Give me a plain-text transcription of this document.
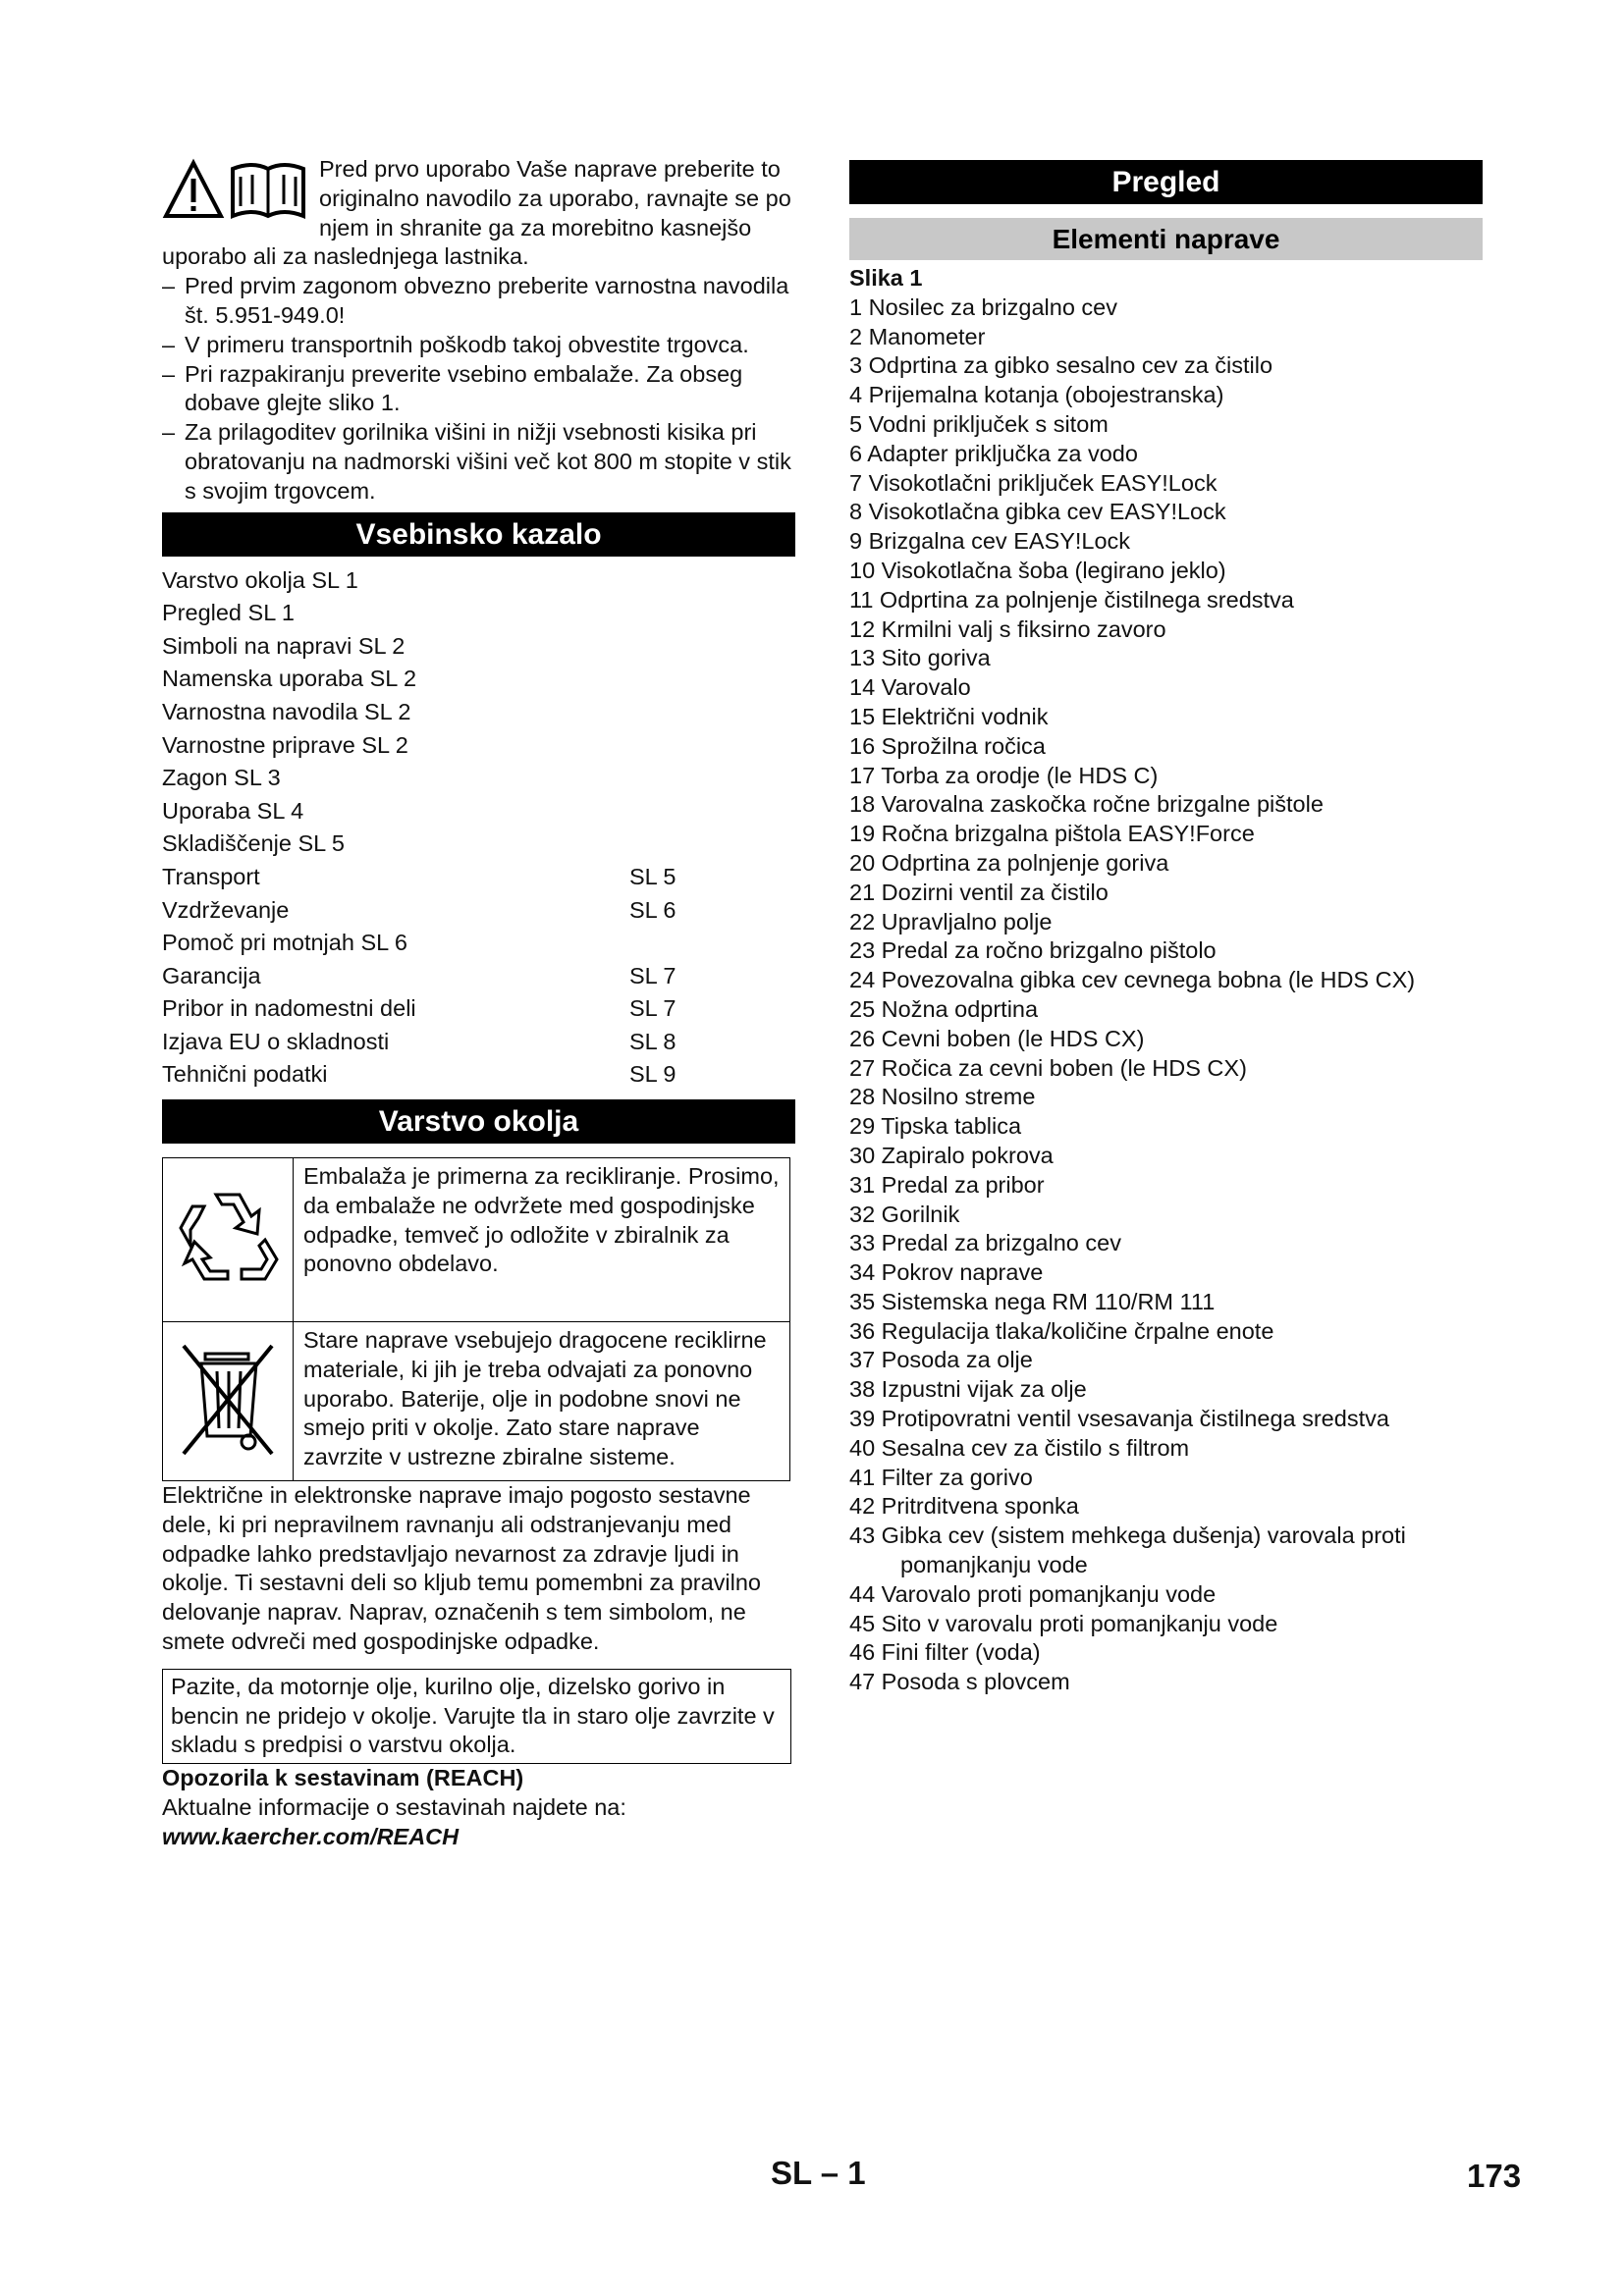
Pred prvo uporabo Vaše naprave preberite to originalno navodilo za uporabo, ravnajte se po njem in shranite ga za morebitno kasnejšo uporabo ali za naslednjega lastnika.
– Pred prvim zagonom obvezno preberite varnostna navodila št. 5.951-949.0!
– V primeru transportnih poškodb takoj obvestite trgovca.
– Pri razpakiranju preverite vsebino embalaže. Za obseg dobave glejte sliko 1.
– Za prilagoditev gorilnika višini in nižji vsebnosti kisika pri obratovanju na nadmorski višini več kot 800 m stopite v stik s svojim trgovcem.
Vsebinsko kazalo
Varstvo okolja SL 1
Pregled SL 1
Simboli na napravi SL 2
Namenska uporaba SL 2
Varnostna navodila SL 2
Varnostne priprave SL 2
Zagon SL 3
Uporaba SL 4
Skladiščenje SL 5
Transport	SL 5
Vzdrževanje	SL 6
Pomoč pri motnjah SL 6
Garancija	SL 7
Pribor in nadomestni deli	SL 7
Izjava EU o skladnosti	SL 8
Tehnični podatki	SL 9
Varstvo okolja
	Embalaža je primerna za recikliranje. Prosimo, da embalaže ne odvržete med gospodinjske odpadke, temveč jo odložite v zbiralnik za ponovno obdelavo.
	Stare naprave vsebujejo dragocene reciklirne materiale, ki jih je treba odvajati za ponovno uporabo. Baterije, olje in podobne snovi ne smejo priti v okolje. Zato stare naprave zavrzite v ustrezne zbiralne sisteme.
Električne in elektronske naprave imajo pogosto sestavne dele, ki pri nepravilnem ravnanju ali odstranjevanju med odpadke lahko predstavljajo nevarnost za zdravje ljudi in okolje. Ti sestavni deli so kljub temu pomembni za pravilno delovanje naprav. Naprav, označenih s tem simbolom, ne smete odvreči med gospodinjske odpadke.
Pazite, da motornje olje, kurilno olje, dizelsko gorivo in bencin ne pridejo v okolje. Varujte tla in staro olje zavrzite v skladu s predpisi o varstvu okolja.
Opozorila k sestavinam (REACH)
Aktualne informacije o sestavinah najdete na:
www.kaercher.com/REACH
Pregled
Elementi naprave
Slika 1
1 Nosilec za brizgalno cev
2 Manometer
3 Odprtina za gibko sesalno cev za čistilo
4 Prijemalna kotanja (obojestranska)
5 Vodni priključek s sitom
6 Adapter priključka za vodo
7 Visokotlačni priključek EASY!Lock
8 Visokotlačna gibka cev EASY!Lock
9 Brizgalna cev EASY!Lock
10 Visokotlačna šoba (legirano jeklo)
11 Odprtina za polnjenje čistilnega sredstva
12 Krmilni valj s fiksirno zavoro
13 Sito goriva
14 Varovalo
15 Električni vodnik
16 Sprožilna ročica
17 Torba za orodje (le HDS C)
18 Varovalna zaskočka ročne brizgalne pištole
19 Ročna brizgalna pištola EASY!Force
20 Odprtina za polnjenje goriva
21 Dozirni ventil za čistilo
22 Upravljalno polje
23 Predal za ročno brizgalno pištolo
24 Povezovalna gibka cev cevnega bobna (le HDS CX)
25 Nožna odprtina
26 Cevni boben (le HDS CX)
27 Ročica za cevni boben (le HDS CX)
28 Nosilno streme
29 Tipska tablica
30 Zapiralo pokrova
31 Predal za pribor
32 Gorilnik
33 Predal za brizgalno cev
34 Pokrov naprave
35 Sistemska nega RM 110/RM 111
36 Regulacija tlaka/količine črpalne enote
37 Posoda za olje
38 Izpustni vijak za olje
39 Protipovratni ventil vsesavanja čistilnega sredstva
40 Sesalna cev za čistilo s filtrom
41 Filter za gorivo
42 Pritrditvena sponka
43 Gibka cev (sistem mehkega dušenja) varovala proti pomanjkanju vode
44 Varovalo proti pomanjkanju vode
45 Sito v varovalu proti pomanjkanju vode
46 Fini filter (voda)
47 Posoda s plovcem
SL – 1	173
